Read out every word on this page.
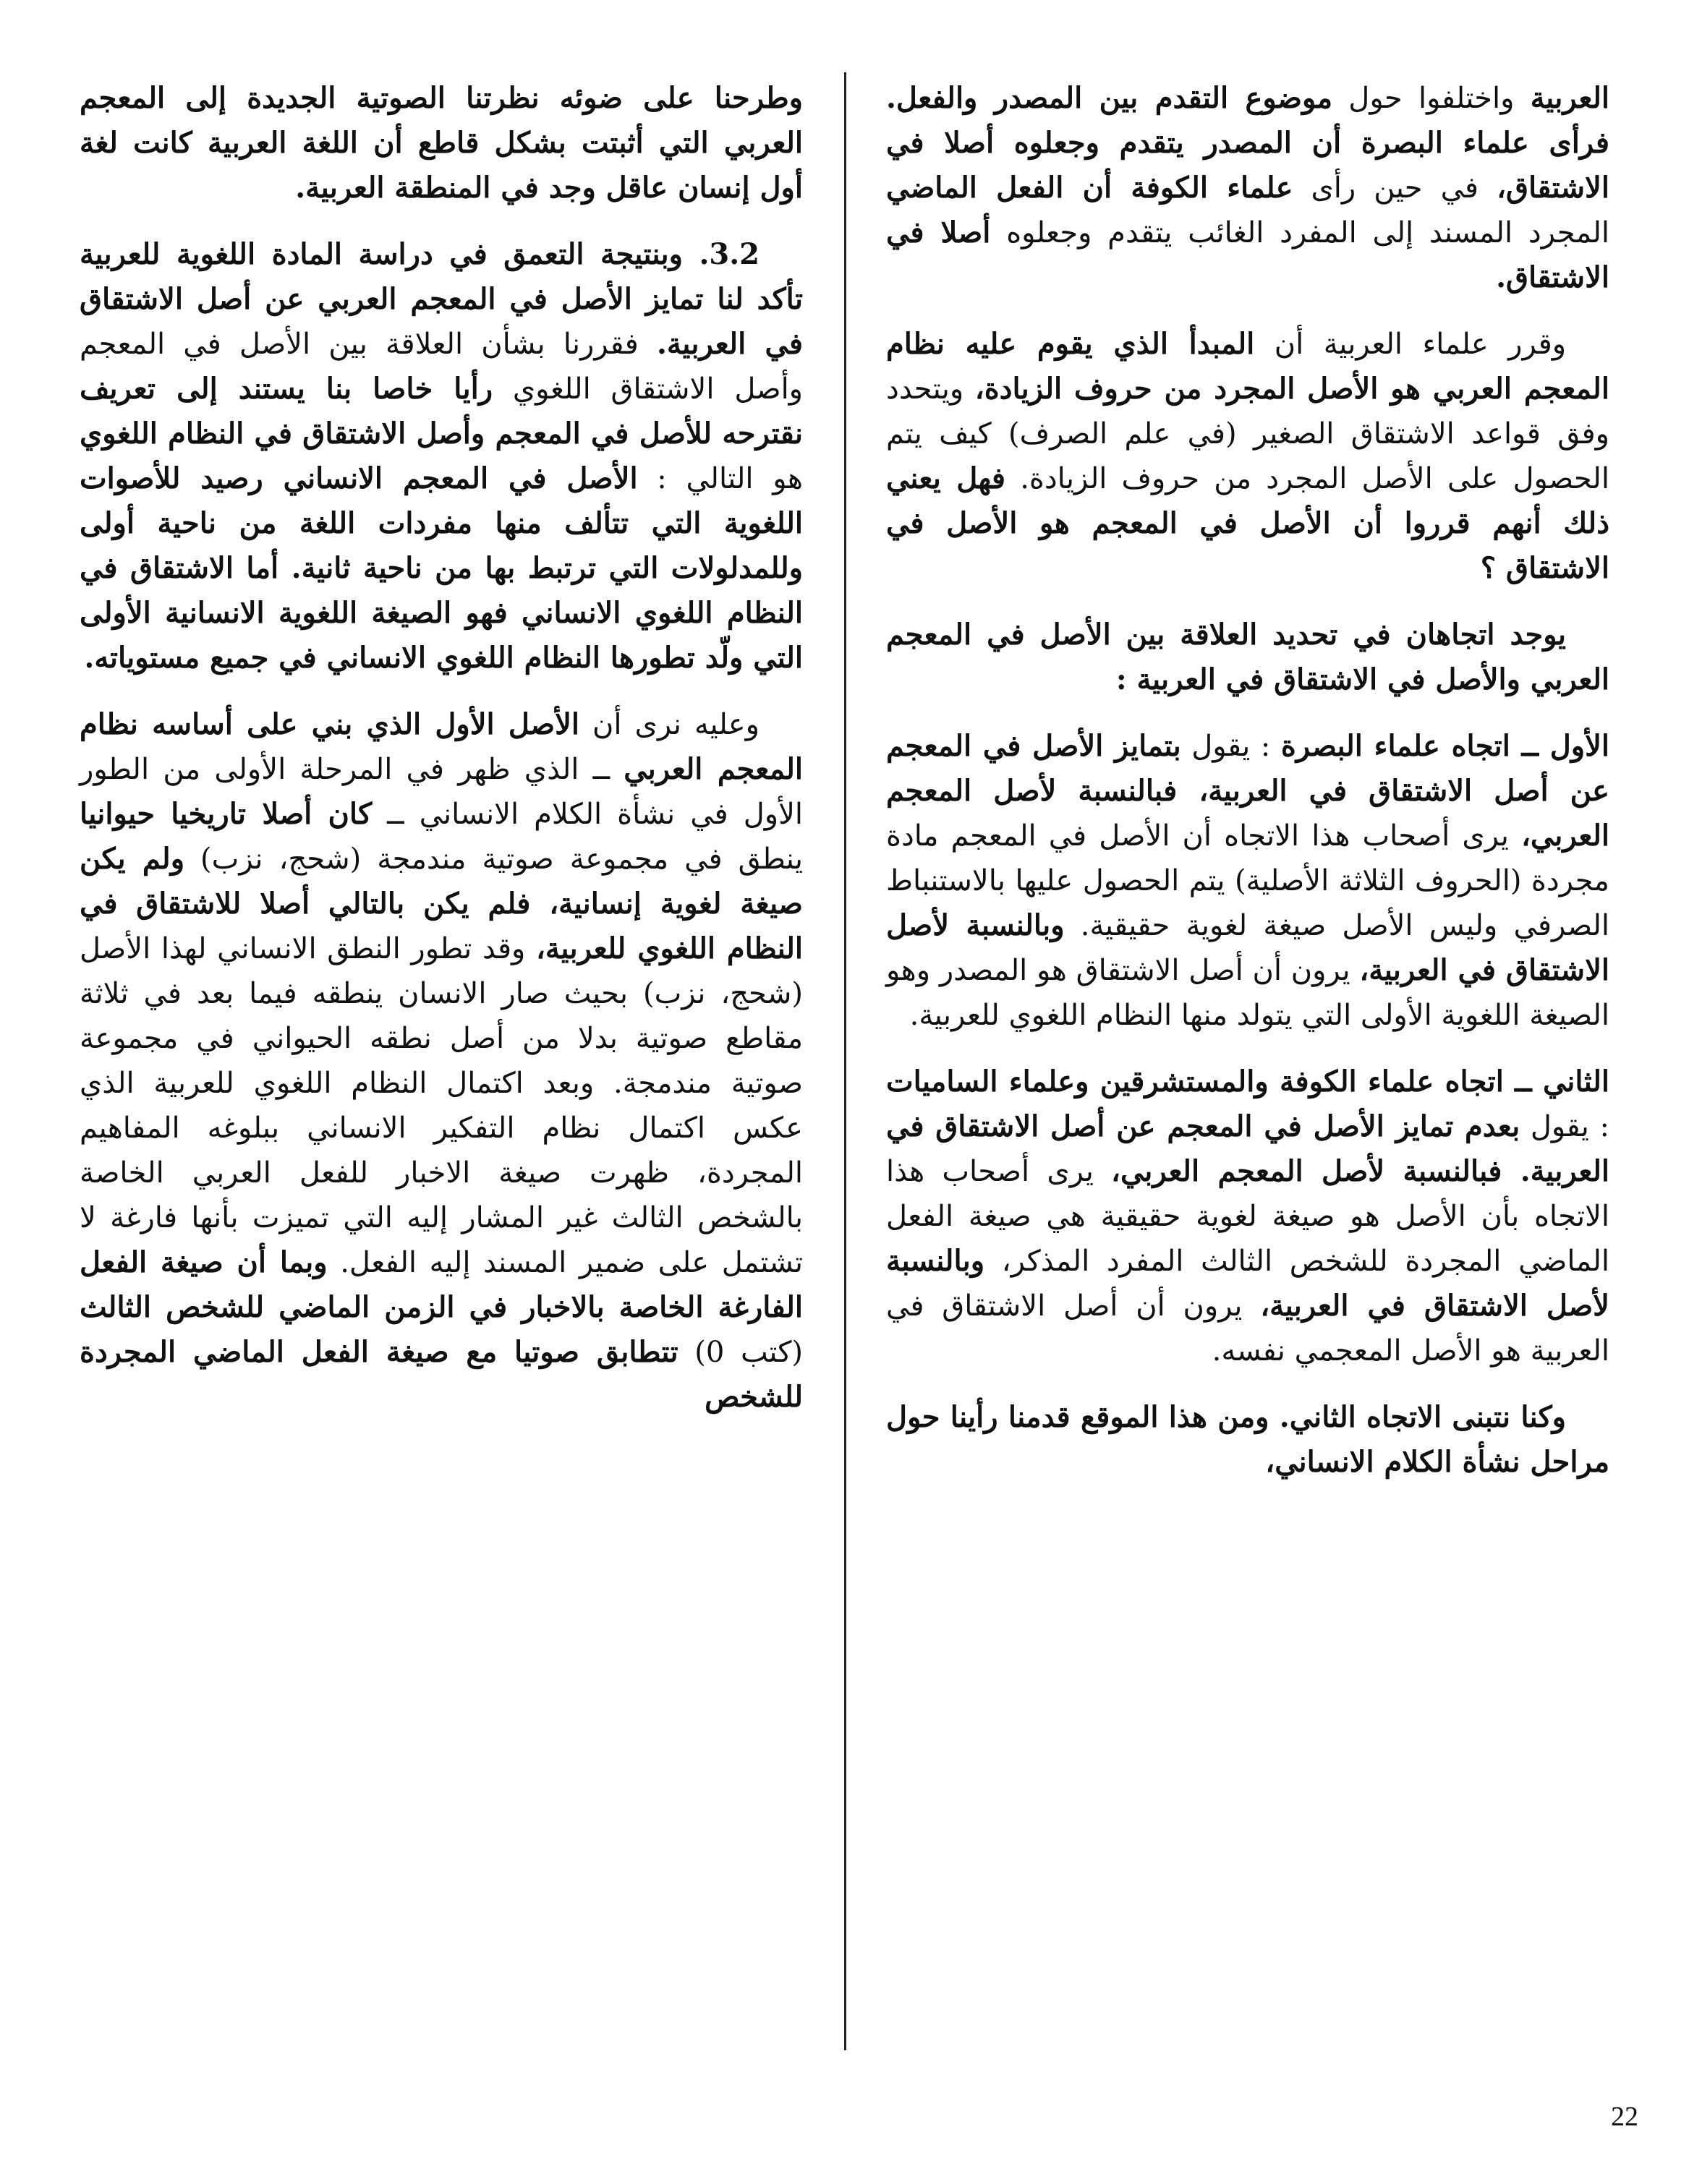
العربية واختلفوا حول موضوع التقدم بين المصدر والفعل. فرأى علماء البصرة أن المصدر يتقدم وجعلوه أصلا في الاشتقاق، في حين رأى علماء الكوفة أن الفعل الماضي المجرد المسند إلى المفرد الغائب يتقدم وجعلوه أصلا في الاشتقاق.

وقرر علماء العربية أن المبدأ الذي يقوم عليه نظام المعجم العربي هو الأصل المجرد من حروف الزيادة، ويتحدد وفق قواعد الاشتقاق الصغير (في علم الصرف) كيف يتم الحصول على الأصل المجرد من حروف الزيادة. فهل يعني ذلك أنهم قرروا أن الأصل في المعجم هو الأصل في الاشتقاق ؟

يوجد اتجاهان في تحديد العلاقة بين الأصل في المعجم العربي والأصل في الاشتقاق في العربية :

الأول ــ اتجاه علماء البصرة : يقول بتمايز الأصل في المعجم عن أصل الاشتقاق في العربية، فبالنسبة لأصل المعجم العربي، يرى أصحاب هذا الاتجاه أن الأصل في المعجم مادة مجردة (الحروف الثلاثة الأصلية) يتم الحصول عليها بالاستنباط الصرفي وليس الأصل صيغة لغوية حقيقية. وبالنسبة لأصل الاشتقاق في العربية، يرون أن أصل الاشتقاق هو المصدر وهو الصيغة اللغوية الأولى التي يتولد منها النظام اللغوي للعربية.

الثاني ــ اتجاه علماء الكوفة والمستشرقين وعلماء الساميات : يقول بعدم تمايز الأصل في المعجم عن أصل الاشتقاق في العربية. فبالنسبة لأصل المعجم العربي، يرى أصحاب هذا الاتجاه بأن الأصل هو صيغة لغوية حقيقية هي صيغة الفعل الماضي المجردة للشخص الثالث المفرد المذكر، وبالنسبة لأصل الاشتقاق في العربية، يرون أن أصل الاشتقاق في العربية هو الأصل المعجمي نفسه.

وكنا نتبنى الاتجاه الثاني. ومن هذا الموقع قدمنا رأينا حول مراحل نشأة الكلام الانساني،

وطرحنا على ضوئه نظرتنا الصوتية الجديدة إلى المعجم العربي التي أثبتت بشكل قاطع أن اللغة العربية كانت لغة أول إنسان عاقل وجد في المنطقة العربية.

3.2. وبنتيجة التعمق في دراسة المادة اللغوية للعربية تأكد لنا تمايز الأصل في المعجم العربي عن أصل الاشتقاق في العربية. فقررنا بشأن العلاقة بين الأصل في المعجم وأصل الاشتقاق اللغوي رأيا خاصا بنا يستند إلى تعريف نقترحه للأصل في المعجم وأصل الاشتقاق في النظام اللغوي هو التالي : الأصل في المعجم الانساني رصيد للأصوات اللغوية التي تتألف منها مفردات اللغة من ناحية أولى وللمدلولات التي ترتبط بها من ناحية ثانية. أما الاشتقاق في النظام اللغوي الانساني فهو الصيغة اللغوية الانسانية الأولى التي ولّد تطورها النظام اللغوي الانساني في جميع مستوياته.

وعليه نرى أن الأصل الأول الذي بني على أساسه نظام المعجم العربي ــ الذي ظهر في المرحلة الأولى من الطور الأول في نشأة الكلام الانساني ــ كان أصلا تاريخيا حيوانيا ينطق في مجموعة صوتية مندمجة (شحج، نزب) ولم يكن صيغة لغوية إنسانية، فلم يكن بالتالي أصلا للاشتقاق في النظام اللغوي للعربية، وقد تطور النطق الانساني لهذا الأصل (شحج، نزب) بحيث صار الانسان ينطقه فيما بعد في ثلاثة مقاطع صوتية بدلا من أصل نطقه الحيواني في مجموعة صوتية مندمجة. وبعد اكتمال النظام اللغوي للعربية الذي عكس اكتمال نظام التفكير الانساني ببلوغه المفاهيم المجردة، ظهرت صيغة الاخبار للفعل العربي الخاصة بالشخص الثالث غير المشار إليه التي تميزت بأنها فارغة لا تشتمل على ضمير المسند إليه الفعل. وبما أن صيغة الفعل الفارغة الخاصة بالاخبار في الزمن الماضي للشخص الثالث (كتب 0) تتطابق صوتيا مع صيغة الفعل الماضي المجردة للشخص

22
